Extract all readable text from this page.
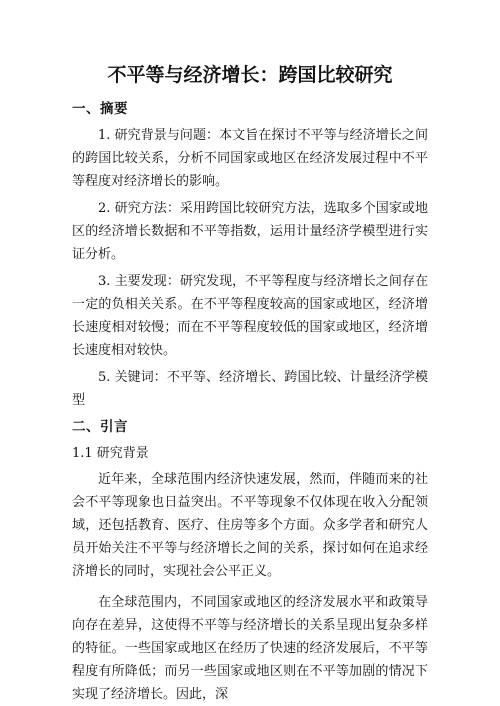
不平等与经济增长：跨国比较研究
一、摘要

1. 研究背景与问题：本文旨在探讨不平等与经济增长之间的跨国比较关系，分析不同国家或地区在经济发展过程中不平等程度对经济增长的影响。

2. 研究方法：采用跨国比较研究方法，选取多个国家或地区的经济增长数据和不平等指数，运用计量经济学模型进行实证分析。

3. 主要发现：研究发现，不平等程度与经济增长之间存在一定的负相关关系。在不平等程度较高的国家或地区，经济增长速度相对较慢；而在不平等程度较低的国家或地区，经济增长速度相对较快。

5. 关键词：不平等、经济增长、跨国比较、计量经济学模型

二、引言
1.1 研究背景

近年来，全球范围内经济快速发展，然而，伴随而来的社会不平等现象也日益突出。不平等现象不仅体现在收入分配领域，还包括教育、医疗、住房等多个方面。众多学者和研究人员开始关注不平等与经济增长之间的关系，探讨如何在追求经济增长的同时，实现社会公平正义。

在全球范围内，不同国家或地区的经济发展水平和政策导向存在差异，这使得不平等与经济增长的关系呈现出复杂多样的特征。一些国家或地区在经历了快速的经济发展后，不平等程度有所降低；而另一些国家或地区则在不平等加剧的情况下实现了经济增长。因此，深
